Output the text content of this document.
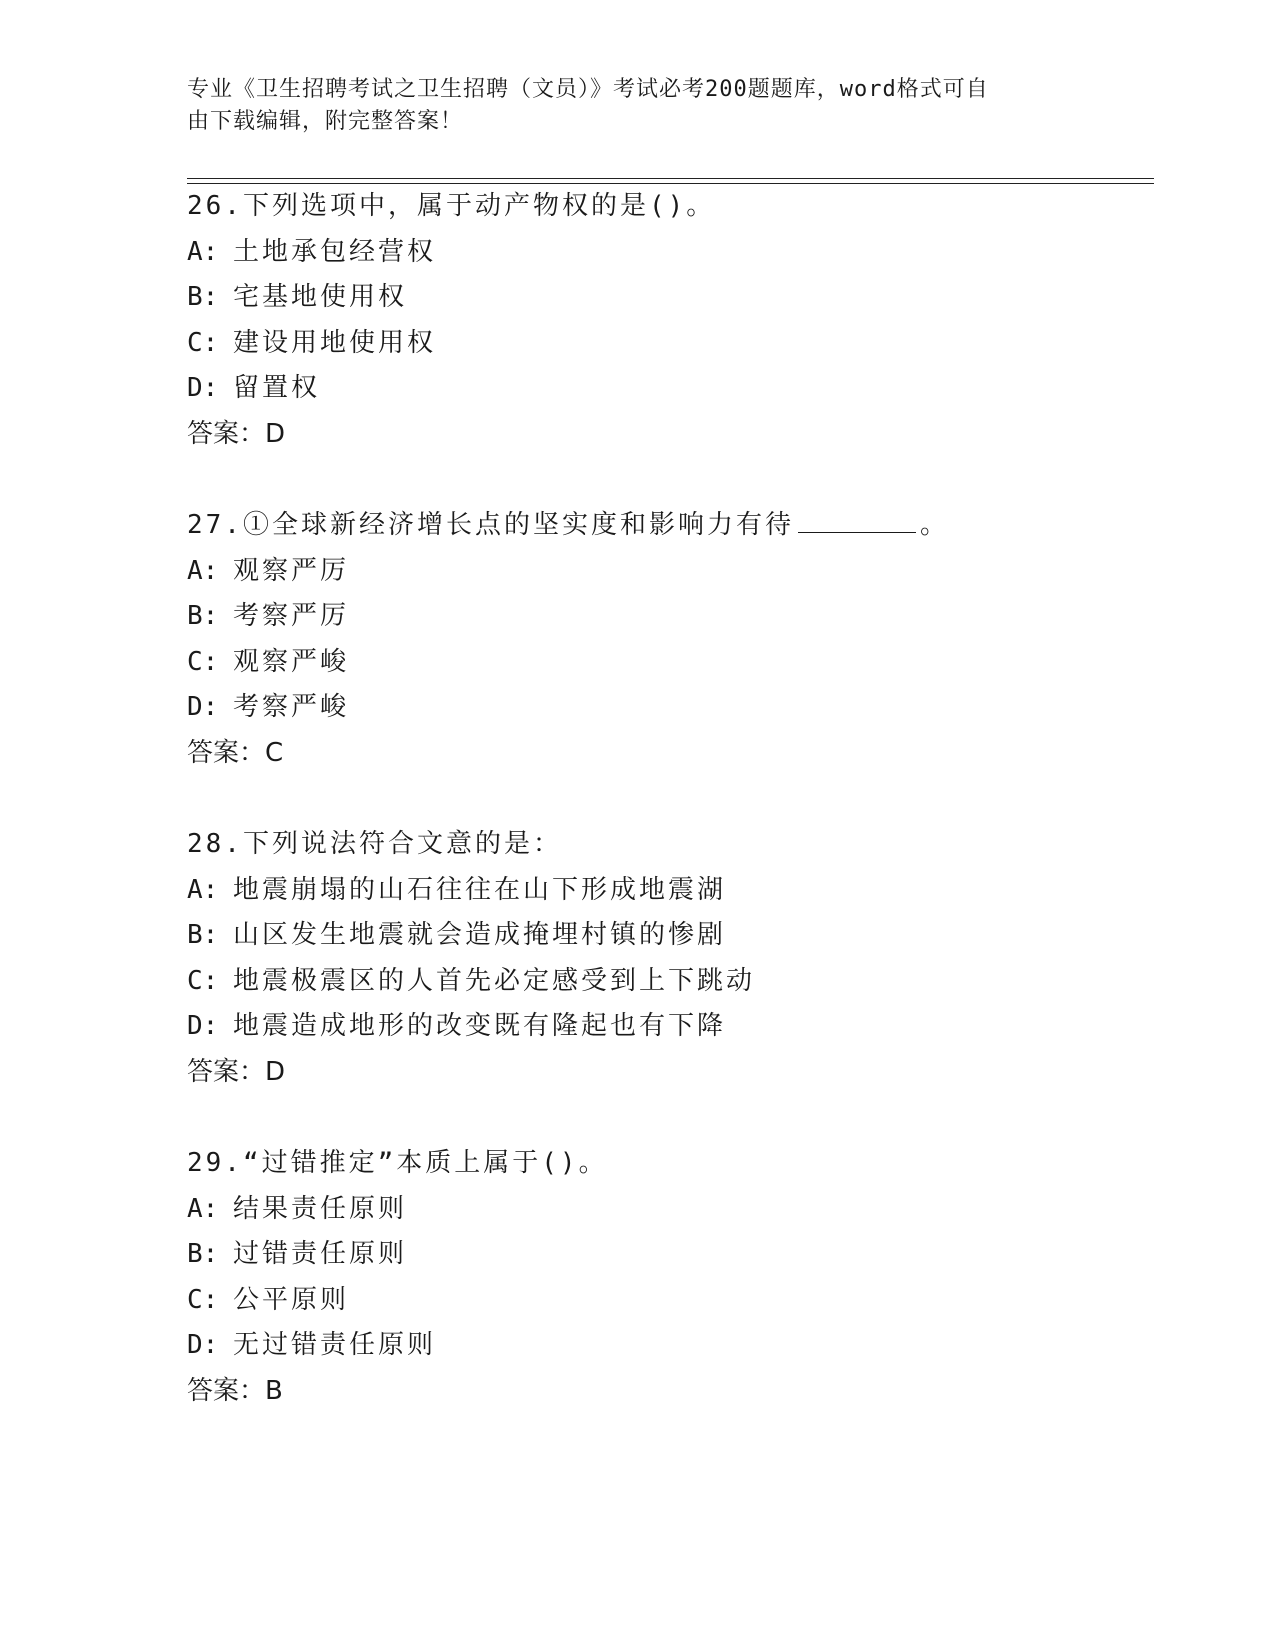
专业《卫生招聘考试之卫生招聘（文员）》考试必考200题题库，word格式可自
由下载编辑，附完整答案！
26.下列选项中，属于动产物权的是()。
A: 土地承包经营权
B: 宅基地使用权
C: 建设用地使用权
D: 留置权
答案：D
27.①全球新经济增长点的坚实度和影响力有待	。
A: 观察严厉
B: 考察严厉
C: 观察严峻
D: 考察严峻
答案：C
28.下列说法符合文意的是：
A: 地震崩塌的山石往往在山下形成地震湖
B: 山区发生地震就会造成掩埋村镇的惨剧
C: 地震极震区的人首先必定感受到上下跳动
D: 地震造成地形的改变既有隆起也有下降
答案：D
29.“过错推定”本质上属于()。
A: 结果责任原则
B: 过错责任原则
C: 公平原则
D: 无过错责任原则
答案：B
